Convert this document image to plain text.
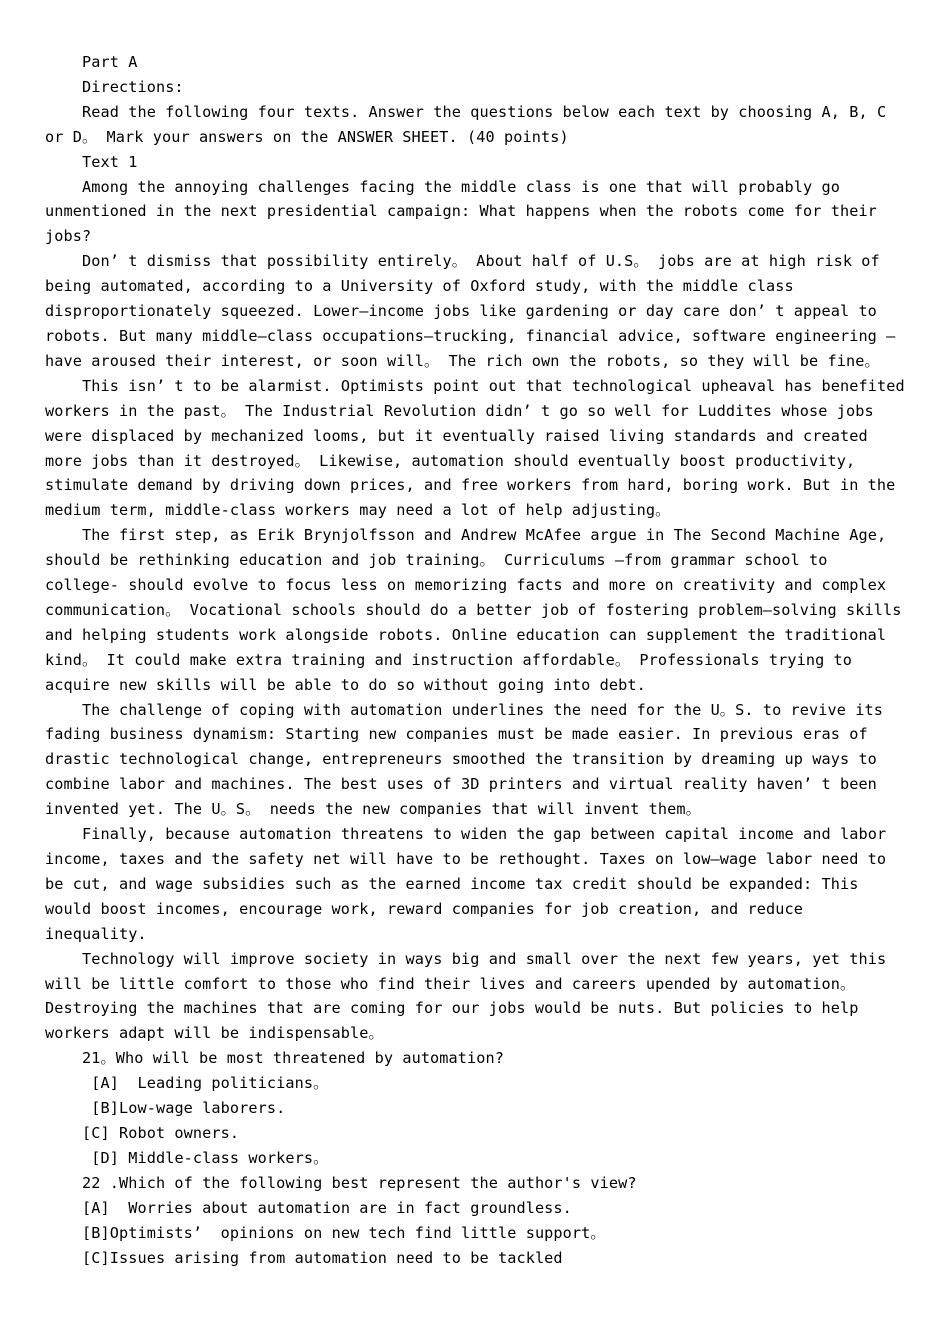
Part A

Directions:

Read the following four texts. Answer the questions below each text by choosing A, B, C or D。 Mark your answers on the ANSWER SHEET. (40 points)

Text 1

Among the annoying challenges facing the middle class is one that will probably go unmentioned in the next presidential campaign: What happens when the robots come for their jobs?

Don’ t dismiss that possibility entirely。 About half of U.S。 jobs are at high risk of being automated, according to a University of Oxford study, with the middle class disproportionately squeezed. Lower—income jobs like gardening or day care don’ t appeal to robots. But many middle—class occupations—trucking, financial advice, software engineering — have aroused their interest, or soon will。 The rich own the robots, so they will be fine。

This isn’ t to be alarmist. Optimists point out that technological upheaval has benefited workers in the past。 The Industrial Revolution didn’ t go so well for Luddites whose jobs were displaced by mechanized looms, but it eventually raised living standards and created more jobs than it destroyed。 Likewise, automation should eventually boost productivity, stimulate demand by driving down prices, and free workers from hard, boring work. But in the medium term, middle-class workers may need a lot of help adjusting。

The first step, as Erik Brynjolfsson and Andrew McAfee argue in The Second Machine Age, should be rethinking education and job training。 Curriculums —from grammar school to college- should evolve to focus less on memorizing facts and more on creativity and complex communication。 Vocational schools should do a better job of fostering problem—solving skills and helping students work alongside robots. Online education can supplement the traditional kind。 It could make extra training and instruction affordable。 Professionals trying to acquire new skills will be able to do so without going into debt.

The challenge of coping with automation underlines the need for the U。S. to revive its fading business dynamism: Starting new companies must be made easier. In previous eras of drastic technological change, entrepreneurs smoothed the transition by dreaming up ways to combine labor and machines. The best uses of 3D printers and virtual reality haven’ t been invented yet. The U。S。 needs the new companies that will invent them。

Finally, because automation threatens to widen the gap between capital income and labor income, taxes and the safety net will have to be rethought. Taxes on low—wage labor need to be cut, and wage subsidies such as the earned income tax credit should be expanded: This would boost incomes, encourage work, reward companies for job creation, and reduce inequality.

Technology will improve society in ways big and small over the next few years, yet this will be little comfort to those who find their lives and careers upended by automation。 Destroying the machines that are coming for our jobs would be nuts. But policies to help workers adapt will be indispensable。

21。Who will be most threatened by automation?

[A]  Leading politicians。

[B]Low-wage laborers.

[C] Robot owners.

[D] Middle-class workers。

22 .Which of the following best represent the author's view?

[A]  Worries about automation are in fact groundless.

[B]Optimists’  opinions on new tech find little support。

[C]Issues arising from automation need to be tackled
